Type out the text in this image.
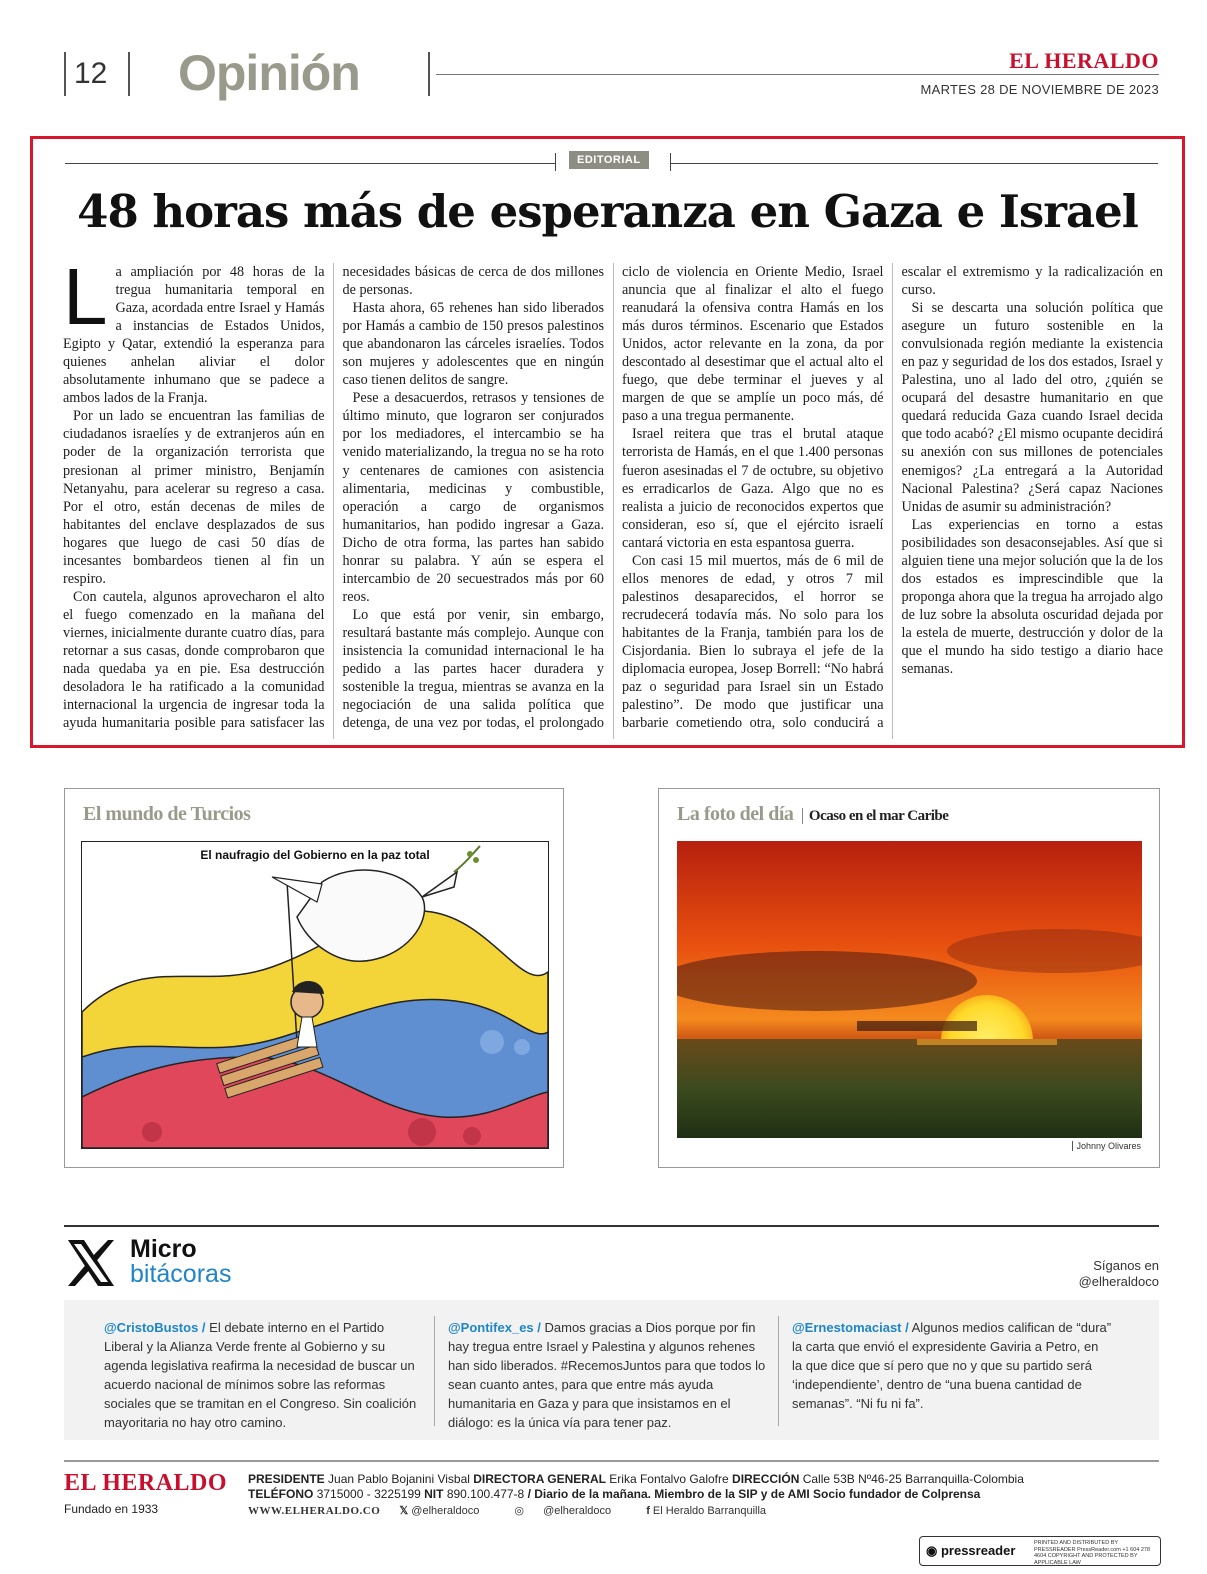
12	Opinión	EL HERALDO
MARTES 28 DE NOVIEMBRE DE 2023
EDITORIAL
48 horas más de esperanza en Gaza e Israel

La ampliación por 48 horas de la tregua humanitaria temporal en Gaza, acordada entre Israel y Hamás a instancias de Estados Unidos, Egipto y Qatar, extendió la esperanza para quienes anhelan aliviar el dolor absolutamente inhumano que se padece a ambos lados de la Franja.

Por un lado se encuentran las familias de ciudadanos israelíes y de extranjeros aún en poder de la organización terrorista que presionan al primer ministro, Benjamín Netanyahu, para acelerar su regreso a casa. Por el otro, están decenas de miles de habitantes del enclave desplazados de sus hogares que luego de casi 50 días de incesantes bombardeos tienen al fin un respiro.

Con cautela, algunos aprovecharon el alto el fuego comenzado en la mañana del viernes, inicialmente durante cuatro días, para retornar a sus casas, donde comprobaron que nada quedaba ya en pie. Esa destrucción desoladora le ha ratificado a la comunidad internacional la urgencia de ingresar toda la ayuda humanitaria posible para satisfacer las necesidades básicas de cerca de dos millones de personas.

Hasta ahora, 65 rehenes han sido liberados por Hamás a cambio de 150 presos palestinos que abandonaron las cárceles israelíes. Todos son mujeres y adolescentes que en ningún caso tienen delitos de sangre.

Pese a desacuerdos, retrasos y tensiones de último minuto, que lograron ser conjurados por los mediadores, el intercambio se ha venido materializando, la tregua no se ha roto y centenares de camiones con asistencia alimentaria, medicinas y combustible, operación a cargo de organismos humanitarios, han podido ingresar a Gaza. Dicho de otra forma, las partes han sabido honrar su palabra. Y aún se espera el intercambio de 20 secuestrados más por 60 reos.

Lo que está por venir, sin embargo, resultará bastante más complejo. Aunque con insistencia la comunidad internacional le ha pedido a las partes hacer duradera y sostenible la tregua, mientras se avanza en la negociación de una salida política que detenga, de una vez por todas, el prolongado ciclo de violencia en Oriente Medio, Israel anuncia que al finalizar el alto el fuego reanudará la ofensiva contra Hamás en los más duros términos. Escenario que Estados Unidos, actor relevante en la zona, da por descontado al desestimar que el actual alto el fuego, que debe terminar el jueves y al margen de que se amplíe un poco más, dé paso a una tregua permanente.

Israel reitera que tras el brutal ataque terrorista de Hamás, en el que 1.400 personas fueron asesinadas el 7 de octubre, su objetivo es erradicarlos de Gaza. Algo que no es realista a juicio de reconocidos expertos que consideran, eso sí, que el ejército israelí cantará victoria en esta espantosa guerra.

Con casi 15 mil muertos, más de 6 mil de ellos menores de edad, y otros 7 mil palestinos desaparecidos, el horror se recrudecerá todavía más. No solo para los habitantes de la Franja, también para los de Cisjordania. Bien lo subraya el jefe de la diplomacia europea, Josep Borrell: “No habrá paz o seguridad para Israel sin un Estado palestino”. De modo que justificar una barbarie cometiendo otra, solo conducirá a escalar el extremismo y la radicalización en curso.

Si se descarta una solución política que asegure un futuro sostenible en la convulsionada región mediante la existencia en paz y seguridad de los dos estados, Israel y Palestina, uno al lado del otro, ¿quién se ocupará del desastre humanitario en que quedará reducida Gaza cuando Israel decida que todo acabó? ¿El mismo ocupante decidirá su anexión con sus millones de potenciales enemigos? ¿La entregará a la Autoridad Nacional Palestina? ¿Será capaz Naciones Unidas de asumir su administración?

Las experiencias en torno a estas posibilidades son desaconsejables. Así que si alguien tiene una mejor solución que la de los dos estados es imprescindible que la proponga ahora que la tregua ha arrojado algo de luz sobre la absoluta oscuridad dejada por la estela de muerte, destrucción y dolor de la que el mundo ha sido testigo a diario hace semanas.

El mundo de Turcios
El naufragio del Gobierno en la paz total
La foto del día Ocaso en el mar Caribe
Johnny Olivares
Micro
bitácoras	Síganos en
@elheraldoco
@CristoBustos / El debate interno en el Partido Liberal y la Alianza Verde frente al Gobierno y su agenda legislativa reafirma la necesidad de buscar un acuerdo nacional de mínimos sobre las reformas sociales que se tramitan en el Congreso. Sin coalición mayoritaria no hay otro camino.
@Pontifex_es / Damos gracias a Dios porque por fin hay tregua entre Israel y Palestina y algunos rehenes han sido liberados. #RecemosJuntos para que todos lo sean cuanto antes, para que entre más ayuda humanitaria en Gaza y para que insistamos en el diálogo: es la única vía para tener paz.
@Ernestomaciast / Algunos medios califican de “dura” la carta que envió el expresidente Gaviria a Petro, en la que dice que sí pero que no y que su partido será ‘independiente’, dentro de “una buena cantidad de semanas”. “Ni fu ni fa”.
EL HERALDO
Fundado en 1933
PRESIDENTE Juan Pablo Bojanini Visbal DIRECTORA GENERAL Erika Fontalvo Galofre DIRECCIÓN Calle 53B Nº46-25 Barranquilla-Colombia
TELÉFONO 3715000 - 3225199 NIT 890.100.477-8 / Diario de la mañana. Miembro de la SIP y de AMI Socio fundador de Colprensa
WWW.ELHERALDO.CO 𝕏 @elheraldoco	◎ @elheraldoco	f El Heraldo Barranquilla
◉ pressreader	PRINTED AND DISTRIBUTED BY PRESSREADER PressReader.com +1 604 278 4604 COPYRIGHT AND PROTECTED BY APPLICABLE LAW
